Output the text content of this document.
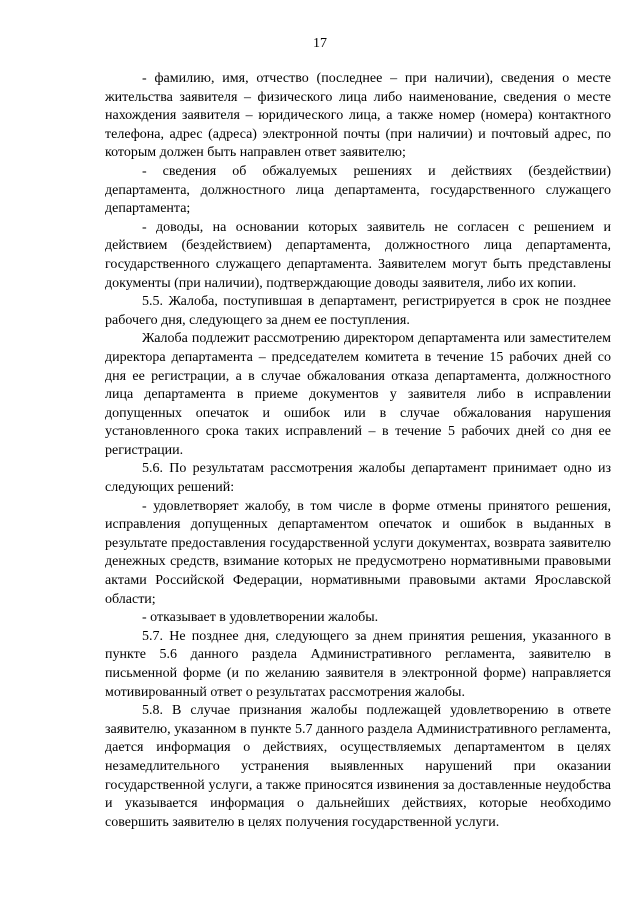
17

- фамилию, имя, отчество (последнее – при наличии), сведения о месте жительства заявителя – физического лица либо наименование, сведения о месте нахождения заявителя – юридического лица, а также номер (номера) контактного телефона, адрес (адреса) электронной почты (при наличии) и почтовый адрес, по которым должен быть направлен ответ заявителю;

- сведения об обжалуемых решениях и действиях (бездействии) департамента, должностного лица департамента, государственного служащего департамента;

- доводы, на основании которых заявитель не согласен с решением и действием (бездействием) департамента, должностного лица департамента, государственного служащего департамента. Заявителем могут быть представлены документы (при наличии), подтверждающие доводы заявителя, либо их копии.

5.5. Жалоба, поступившая в департамент, регистрируется в срок не позднее рабочего дня, следующего за днем ее поступления.

Жалоба подлежит рассмотрению директором департамента или заместителем директора департамента – председателем комитета в течение 15 рабочих дней со дня ее регистрации, а в случае обжалования отказа департамента, должностного лица департамента в приеме документов у заявителя либо в исправлении допущенных опечаток и ошибок или в случае обжалования нарушения установленного срока таких исправлений – в течение 5 рабочих дней со дня ее регистрации.

5.6. По результатам рассмотрения жалобы департамент принимает одно из следующих решений:

- удовлетворяет жалобу, в том числе в форме отмены принятого решения, исправления допущенных департаментом опечаток и ошибок в выданных в результате предоставления государственной услуги документах, возврата заявителю денежных средств, взимание которых не предусмотрено нормативными правовыми актами Российской Федерации, нормативными правовыми актами Ярославской области;

- отказывает в удовлетворении жалобы.

5.7. Не позднее дня, следующего за днем принятия решения, указанного в пункте 5.6 данного раздела Административного регламента, заявителю в письменной форме (и по желанию заявителя в электронной форме) направляется мотивированный ответ о результатах рассмотрения жалобы.

5.8. В случае признания жалобы подлежащей удовлетворению в ответе заявителю, указанном в пункте 5.7 данного раздела Административного регламента, дается информация о действиях, осуществляемых департаментом в целях незамедлительного устранения выявленных нарушений при оказании государственной услуги, а также приносятся извинения за доставленные неудобства и указывается информация о дальнейших действиях, которые необходимо совершить заявителю в целях получения государственной услуги.
